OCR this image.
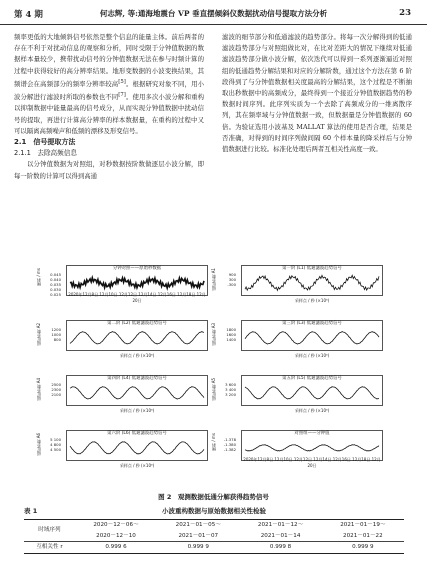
第 4 期	何志辉, 等:通海地震台 VP 垂直摆倾斜仪数据扰动信号提取方法分析	23

频率更低的大地倾斜信号依然是整个信息的能量主体。前后两者的存在不利于对扰动信息的观察和分析，同时受限于分钟值数据的数据样本量较少，携带扰动信号的分钟值数据无法在参与时频计算的过程中获得较好的高分辨率结果。地形变数据的小波变换结果，其频谱会在高频部分的频率分辨率较高[5]。根据研究对象不同，用小波分解进行滤波时所取的参数也不同[7]。使用多次小波分解和重构以抑制数据中能量最高的信号成分，从而实现分钟值数据中扰动信号的提取，再进行计算高分辨率的样本数据量，在重构的过程中又可以隔离高频噪声和低频的漂移及形变信号。

2.1　信号提取方法

2.1.1　去除高频信息

以分钟值数据为对照组，对秒数据按阶数做逐层小波分解，即每一阶数的计算可以得到高通

滤波的细节部分和低通滤波的趋势部分。将每一次分解得到的低通滤波趋势部分与对照组做比对，在比对差距大的情况下继续对低通滤波趋势部分做小波分解，依次迭代可以得到一系列逐渐逼近对照组的低通趋势分解结果和对应的分解阶数，通过这个方法在第 6 阶段得到了与分钟值数据相关度最高的分解结果，这个过程是不断抽取出秒数据中的高频成分，最终得到一个接近分钟值数据趋势的秒数据时间序列。此序列实质为一个去除了高频成分的一维离散序列，其在频率域与分钟值数据一致，但数据量是分钟值数据的 60 倍。为验证选用小波基及 MALLAT 算法的使用是否合理，结果是否准确，对得到的时间序列做间隔 60 个样本量的降采样后与分钟值数据进行比较。标准化处理后两者互相关性高度一致。

分钟对照——原始秒数据
0.045
0.040
0.035
0.030
0.025
倾斜 / ms
2020年12月8日 12月10日 12月12日 12月14日 12月16日 12月18日 12月20日
第一阶 (L1) 低通滤波趋势信号
900
300
-300
逼近系数 A1
采样点 / 秒 (×10⁶)
第二阶 (L2) 低通滤波趋势信号
1200
1000
800
逼近系数 A2
采样点 / 秒 (×10⁶)
第三阶 (L3) 低通滤波趋势信号
1800
1600
1400
逼近系数 A3
采样点 / 秒 (×10⁶)
第四阶 (L4) 低通滤波趋势信号
2500
2300
2100
逼近系数 A4
采样点 / 秒 (×10⁶)
第五阶 (L5) 低通滤波趋势信号
3 600
3 400
3 200
逼近系数 A5
采样点 / 秒 (×10⁶)
第六阶 (L6) 低通滤波趋势信号
5 100
4 800
4 500
逼近系数 A6
采样点 / 秒 (×10⁶)
对照组——分钟值
-1.378
-1.380
-1.382
倾斜 / ms
2020年12月8日 12月10日 12月12日 12月14日 12月16日 12月18日 12月20日
图 2　观测数据低通分解获得趋势信号
表 1	小波重构数据与原始数据相关性检验
时域序列	2020－12－06～	2021－01－05～	2021－01－12～	2021－01－19～
	2020－12－10	2021－01－07	2021－01－14	2021－01－22
互相关性 r	0.999 6	0.999 9	0.999 8	0.999 9
